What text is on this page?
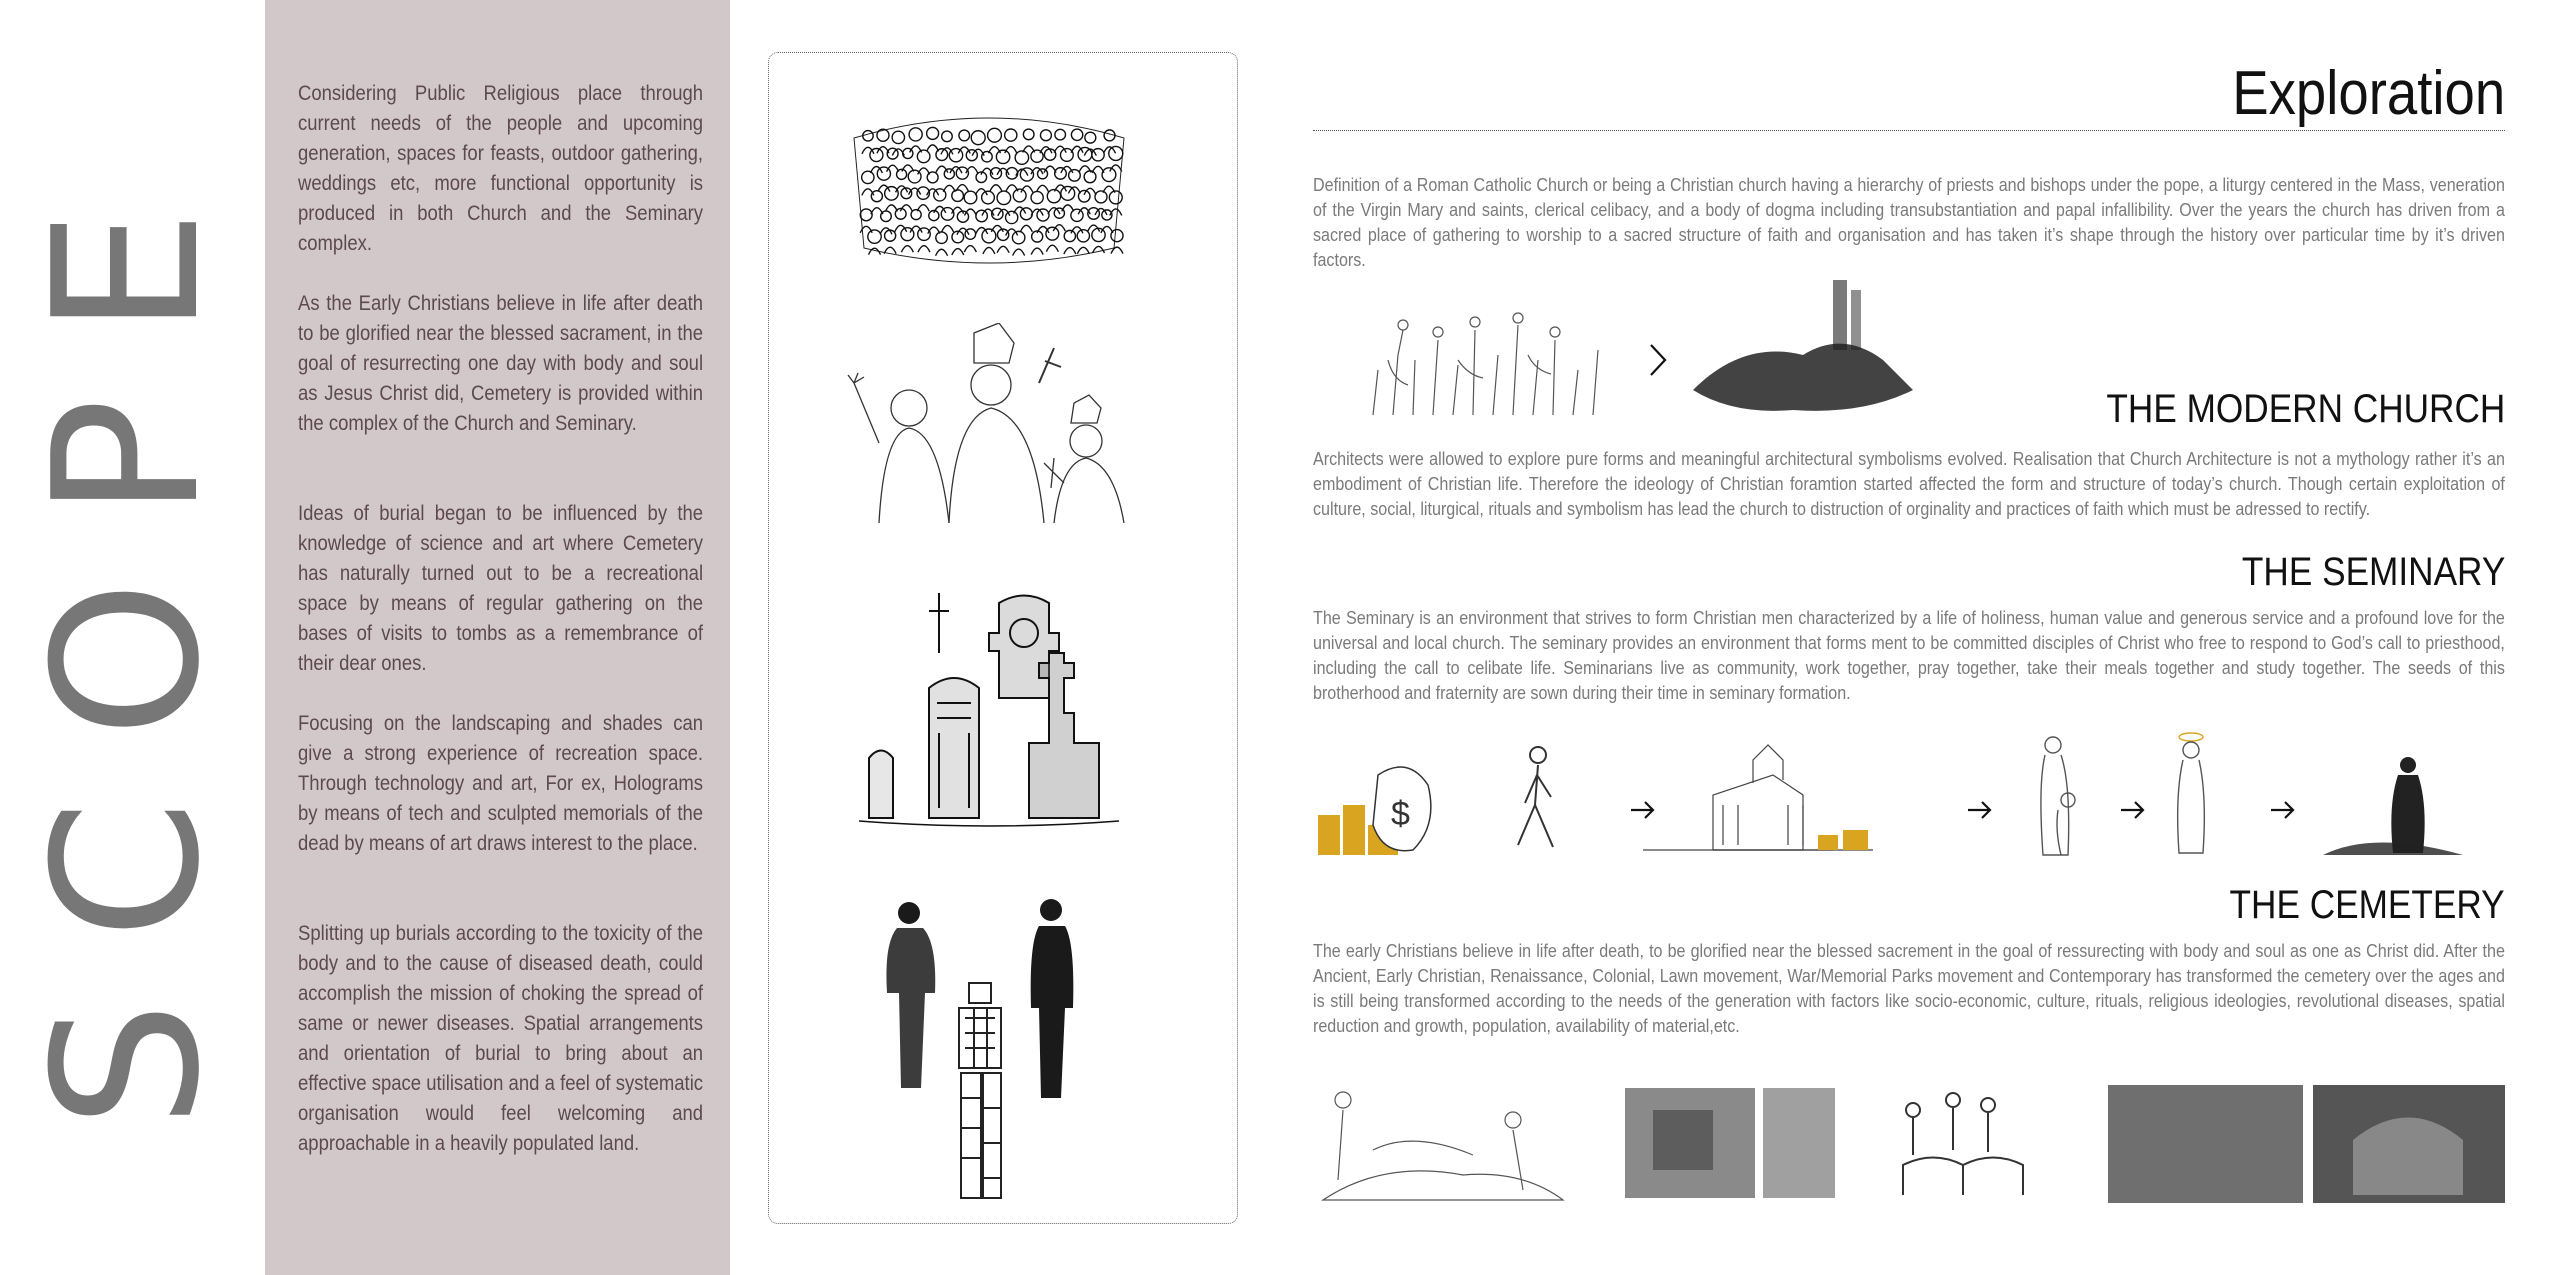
SCOPE

Considering Public Religious place through current needs of the people and upcoming generation, spaces for feasts, outdoor gathering, weddings etc, more functional opportunity is produced in both Church and the Seminary complex.

As the Early Christians believe in life after death to be glorified near the blessed sacrament, in the goal of resurrecting one day with body and soul as Jesus Christ did, Cemetery is provided within the complex of the Church and Seminary.

Ideas of burial began to be influenced by the knowledge of science and art where Cemetery has naturally turned out to be a recreational space by means of regular gathering on the bases of visits to tombs as a remembrance of their dear ones.

Focusing on the landscaping and shades can give a strong experience of recreation space. Through technology and art, For ex, Holograms by means of tech and sculpted memorials of the dead by means of art draws interest to the place.

Splitting up burials according to the toxicity of the body and to the cause of diseased death, could accomplish the mission of choking the spread of same or newer diseases. Spatial arrangements and orientation of burial to bring about an effective space utilisation and a feel of systematic organisation would feel welcoming and approachable in a heavily populated land.

Exploration

Definition of a Roman Catholic Church or being a Christian church having a hierarchy of priests and bishops under the pope, a liturgy centered in the Mass, veneration of the Virgin Mary and saints, clerical celibacy, and a body of dogma including transubstantiation and papal infallibility. Over the years the church has driven from a sacred place of gathering to worship to a sacred structure of faith and organisation and has taken it’s shape through the history over particular time by it’s driven factors.

THE MODERN CHURCH

Architects were allowed to explore pure forms and meaningful architectural symbolisms evolved. Realisation that Church Architecture is not a mythology rather it’s an embodiment of Christian life. Therefore the ideology of Christian foramtion started affected the form and structure of today’s church. Though certain exploitation of culture, social, liturgical, rituals and symbolism has lead the church to distruction of orginality and practices of faith which must be adressed to rectify.

THE SEMINARY

The Seminary is an environment that strives to form Christian men characterized by a life of holiness, human value and generous service and a profound love for the universal and local church. The seminary provides an environment that forms ment to be committed disciples of Christ who free to respond to God’s call to priesthood, including the call to celibate life. Seminarians live as community, work together, pray together, take their meals together and study together. The seeds of this brotherhood and fraternity are sown during their time in seminary formation.

$
THE CEMETERY

The early Christians believe in life after death, to be glorified near the blessed sacrement in the goal of ressurecting with body and soul as one as Christ did. After the Ancient, Early Christian, Renaissance, Colonial, Lawn movement, War/Memorial Parks movement and Contemporary has transformed the cemetery over the ages and is still being transformed according to the needs of the generation with factors like socio-economic, culture, rituals, religious ideologies, revolutional diseases, spatial reduction and growth, population, availability of material,etc.
